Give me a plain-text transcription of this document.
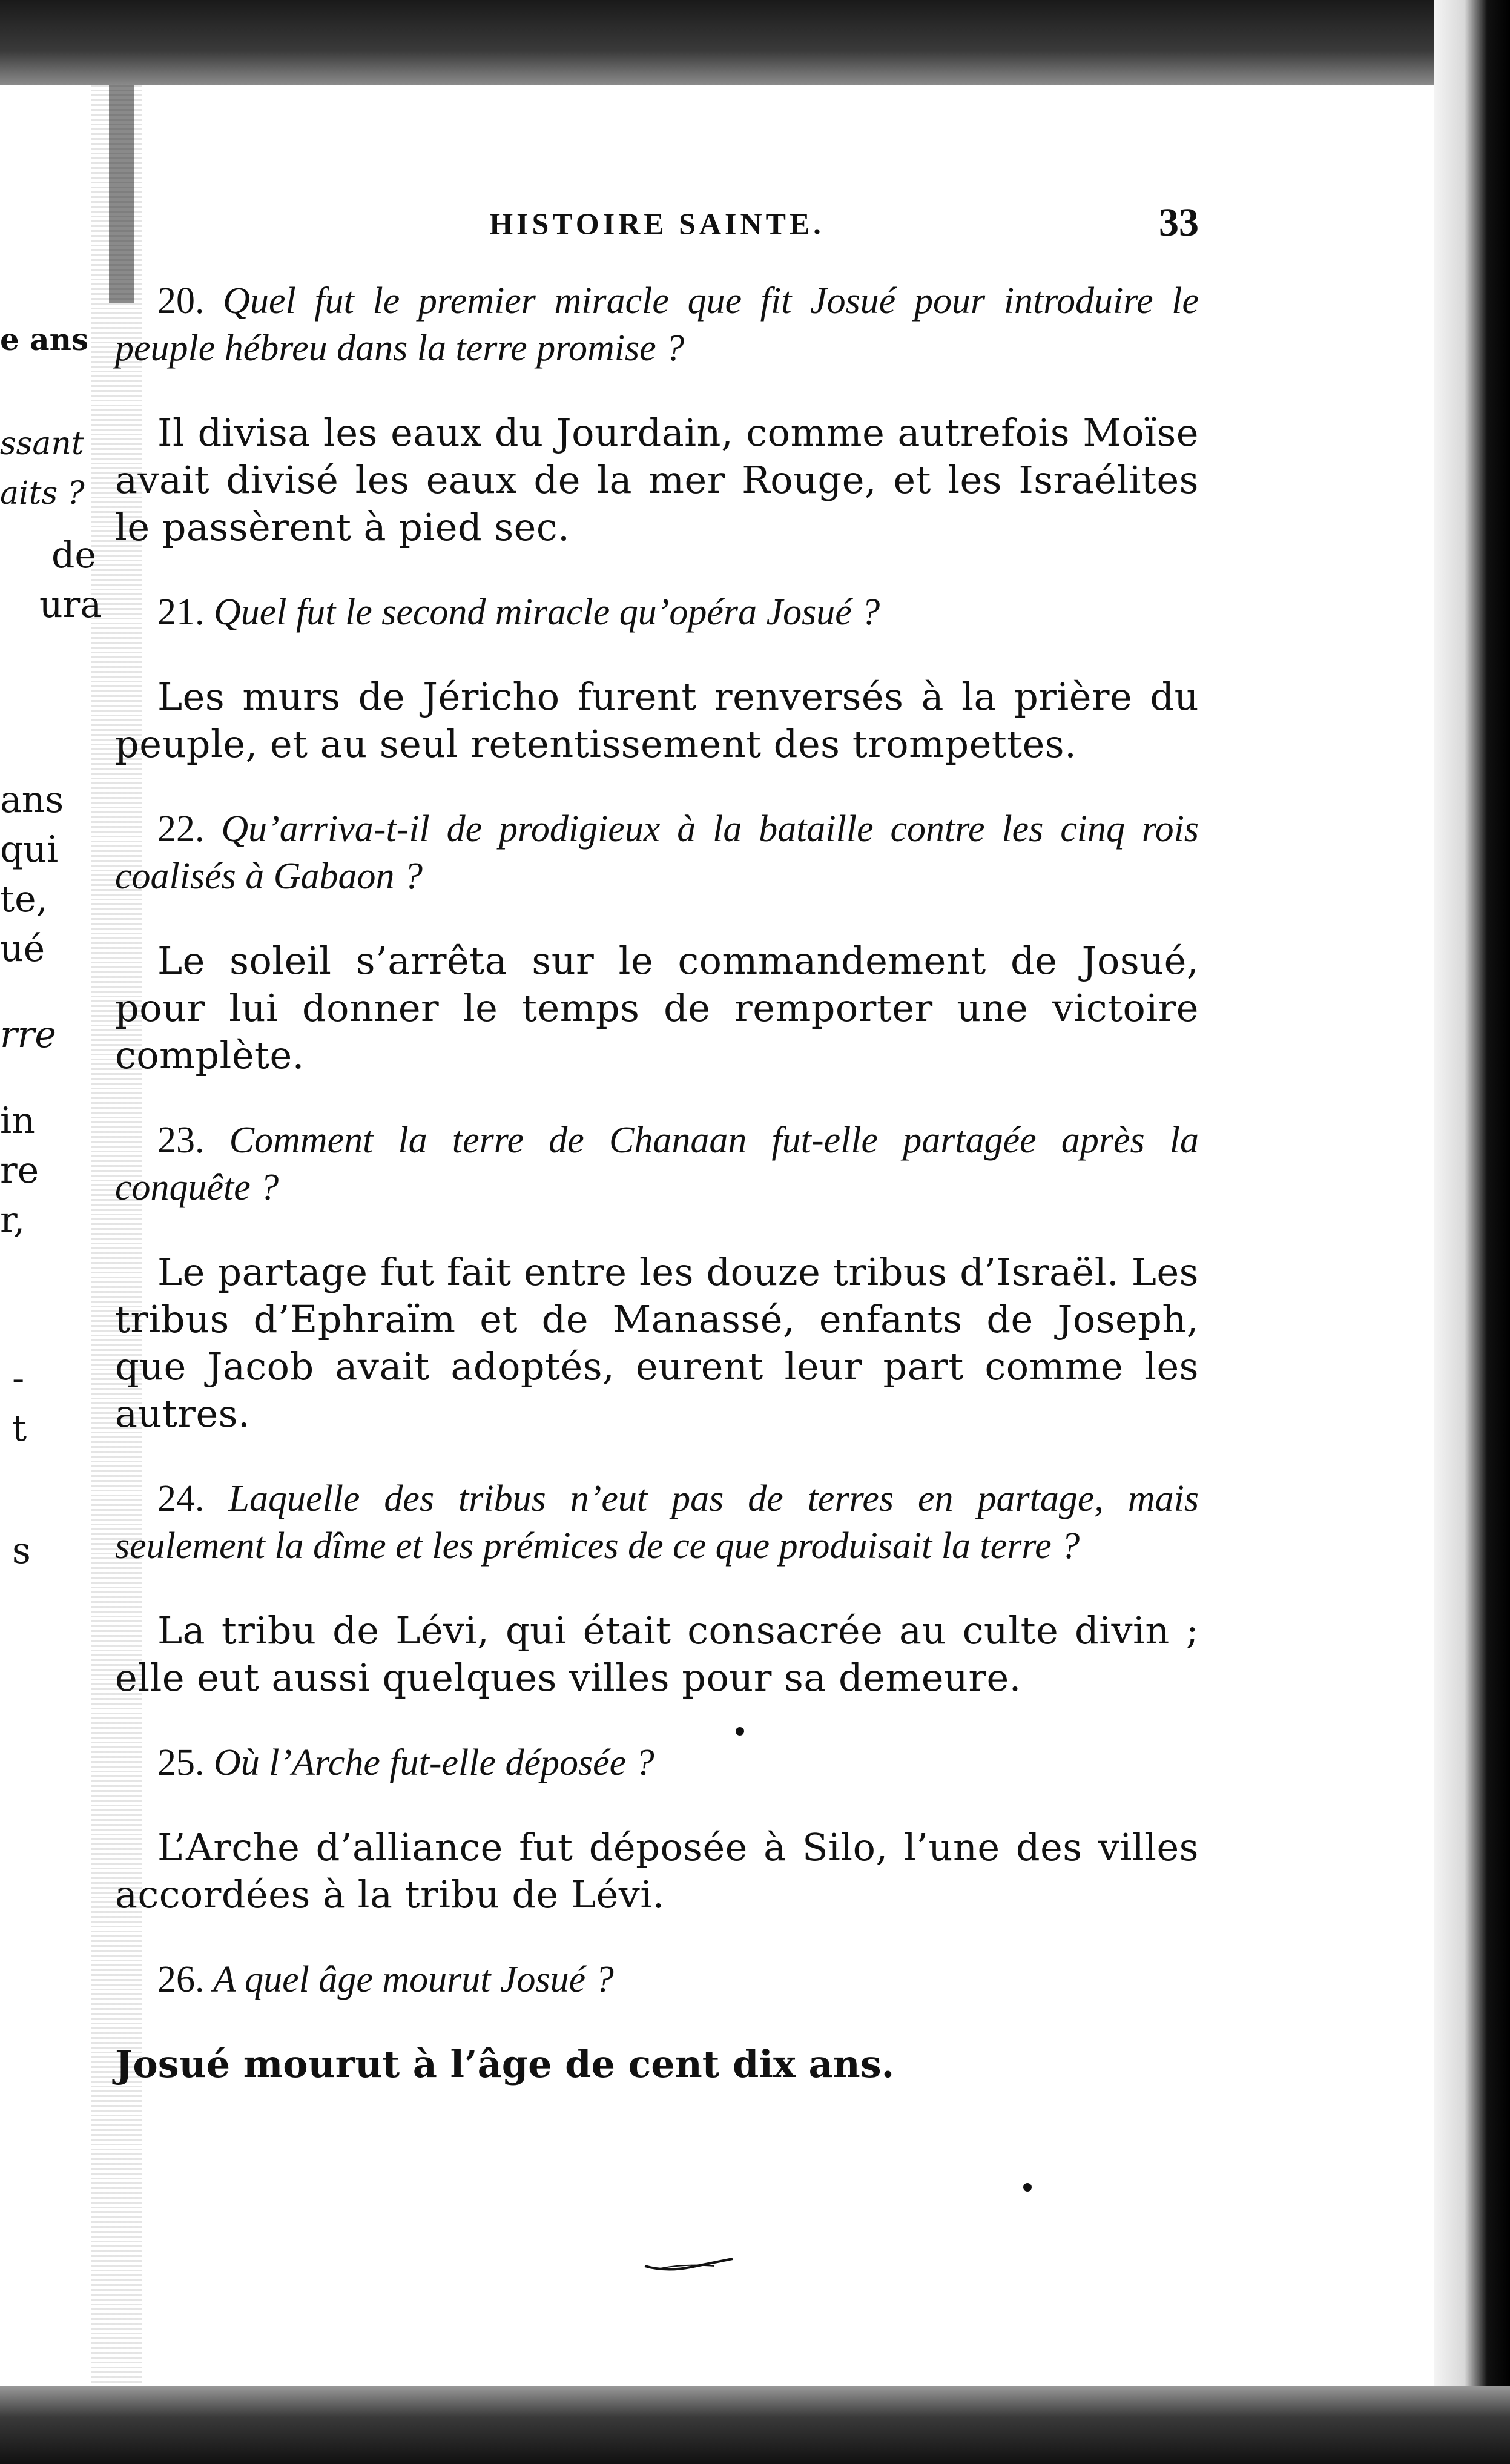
e ans
ssant
aits ?
de
ura
ans
qui
te,
ué
rre
in
re
r,
-
t
s
HISTOIRE SAINTE.	33

20. Quel fut le premier miracle que fit Josué pour introduire le peuple hébreu dans la terre promise ?

Il divisa les eaux du Jourdain, comme autrefois Moïse avait divisé les eaux de la mer Rouge, et les Israélites le passèrent à pied sec.

21. Quel fut le second miracle qu’opéra Josué ?

Les murs de Jéricho furent renversés à la prière du peuple, et au seul retentissement des trompettes.

22. Qu’arriva-t-il de prodigieux à la bataille contre les cinq rois coalisés à Gabaon ?

Le soleil s’arrêta sur le commandement de Josué, pour lui donner le temps de remporter une victoire complète.

23. Comment la terre de Chanaan fut-elle partagée après la conquête ?

Le partage fut fait entre les douze tribus d’Israël. Les tribus d’Ephraïm et de Manassé, enfants de Joseph, que Jacob avait adoptés, eurent leur part comme les autres.

24. Laquelle des tribus n’eut pas de terres en partage, mais seulement la dîme et les prémices de ce que produisait la terre ?

La tribu de Lévi, qui était consacrée au culte divin ; elle eut aussi quelques villes pour sa demeure.

25. Où l’Arche fut-elle déposée ?

L’Arche d’alliance fut déposée à Silo, l’une des villes accordées à la tribu de Lévi.

26. A quel âge mourut Josué ?

Josué mourut à l’âge de cent dix ans.
